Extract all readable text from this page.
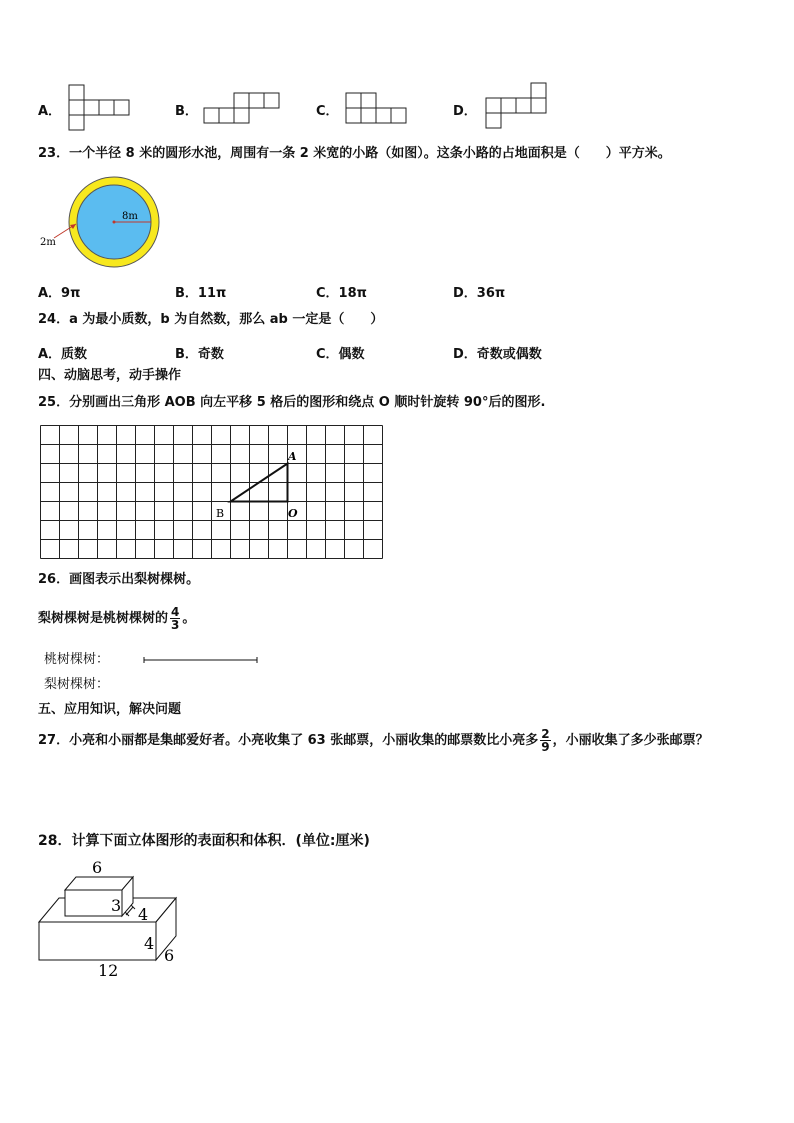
A．	B．	C．	D．
23．一个半径 8 米的圆形水池，周围有一条 2 米宽的小路（如图）。这条小路的占地面积是（　　）平方米。
8m
2m
A．9π	B．11π	C．18π	D．36π
24．a 为最小质数，b 为自然数，那么 ab 一定是（　　）
A．质数	B．奇数	C．偶数	D．奇数或偶数
四、动脑思考，动手操作
25．分别画出三角形 AOB 向左平移 5 格后的图形和绕点 O 顺时针旋转 90°后的图形.
A
B	O
26．画图表示出梨树棵树。
梨树棵树是桃树棵树的 $\frac{4}{3}$ 。
桃树棵树：
梨树棵树：
五、应用知识，解决问题
27．小亮和小丽都是集邮爱好者。小亮收集了 63 张邮票，小丽收集的邮票数比小亮多 $\frac{2}{9}$ ，小丽收集了多少张邮票？
28．计算下面立体图形的表面积和体积．(单位:厘米)
6
3 4
4
6
12
